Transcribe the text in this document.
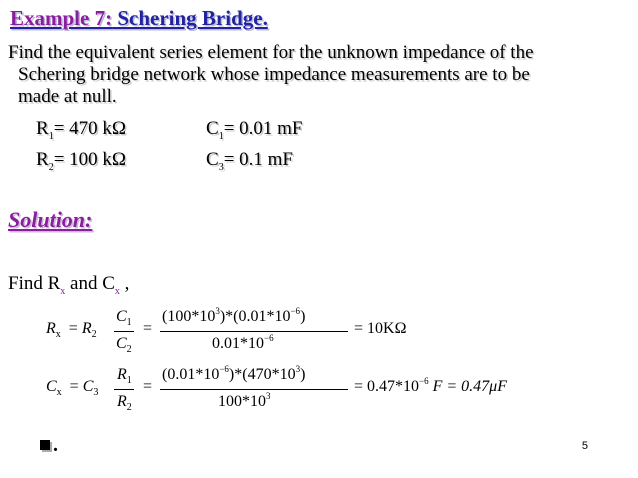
Example 7: Schering Bridge.
Find the equivalent series element for the unknown impedance of the
Schering bridge network whose impedance measurements are to be
made at null.
$R_1= 470$ kΩ	$C_1= 0.01$ mF
$R_2= 100$ kΩ	$C_3= 0.1$ mF
Solution:
Find $R_x$ and $C_x$ ,
$R_x = R_2$
$C_1$
$C_2$
=
$(100*10^3)*(0.01*10^{-6})$
$0.01*10^{-6}$
= 10KΩ
$C_x = C_3$
$R_1$
$R_2$
=
$(0.01*10^{-6})*(470*10^3)$
$100*10^3$
= $0.47*10^{-6}$ F = 0.47μF
.	5
